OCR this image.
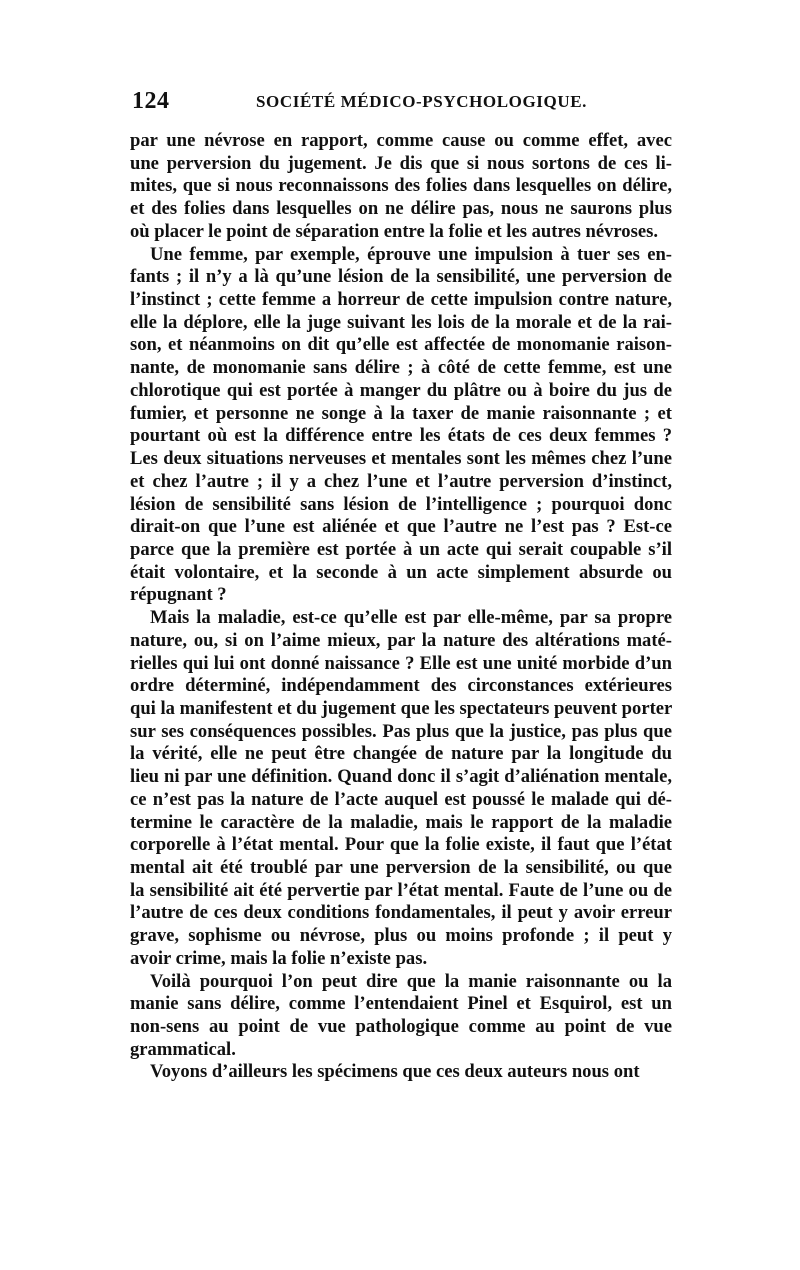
124	SOCIÉTÉ MÉDICO-PSYCHOLOGIQUE.

par une névrose en rapport, comme cause ou comme effet, avec
une perversion du jugement. Je dis que si nous sortons de ces li-
mites, que si nous reconnaissons des folies dans lesquelles on délire,
et des folies dans lesquelles on ne délire pas, nous ne saurons plus
où placer le point de séparation entre la folie et les autres névroses.

Une femme, par exemple, éprouve une impulsion à tuer ses en-
fants ; il n’y a là qu’une lésion de la sensibilité, une perversion de
l’instinct ; cette femme a horreur de cette impulsion contre nature,
elle la déplore, elle la juge suivant les lois de la morale et de la rai-
son, et néanmoins on dit qu’elle est affectée de monomanie raison-
nante, de monomanie sans délire ; à côté de cette femme, est une
chlorotique qui est portée à manger du plâtre ou à boire du jus de
fumier, et personne ne songe à la taxer de manie raisonnante ; et
pourtant où est la différence entre les états de ces deux femmes ?
Les deux situations nerveuses et mentales sont les mêmes chez l’une
et chez l’autre ; il y a chez l’une et l’autre perversion d’instinct,
lésion de sensibilité sans lésion de l’intelligence ; pourquoi donc
dirait-on que l’une est aliénée et que l’autre ne l’est pas ? Est-ce
parce que la première est portée à un acte qui serait coupable s’il
était volontaire, et la seconde à un acte simplement absurde ou
répugnant ?

Mais la maladie, est-ce qu’elle est par elle-même, par sa propre
nature, ou, si on l’aime mieux, par la nature des altérations maté-
rielles qui lui ont donné naissance ? Elle est une unité morbide d’un
ordre déterminé, indépendamment des circonstances extérieures
qui la manifestent et du jugement que les spectateurs peuvent porter
sur ses conséquences possibles. Pas plus que la justice, pas plus que
la vérité, elle ne peut être changée de nature par la longitude du
lieu ni par une définition. Quand donc il s’agit d’aliénation mentale,
ce n’est pas la nature de l’acte auquel est poussé le malade qui dé-
termine le caractère de la maladie, mais le rapport de la maladie
corporelle à l’état mental. Pour que la folie existe, il faut que l’état
mental ait été troublé par une perversion de la sensibilité, ou que
la sensibilité ait été pervertie par l’état mental. Faute de l’une ou de
l’autre de ces deux conditions fondamentales, il peut y avoir erreur
grave, sophisme ou névrose, plus ou moins profonde ; il peut y
avoir crime, mais la folie n’existe pas.

Voilà pourquoi l’on peut dire que la manie raisonnante ou la
manie sans délire, comme l’entendaient Pinel et Esquirol, est un
non-sens au point de vue pathologique comme au point de vue
grammatical.

Voyons d’ailleurs les spécimens que ces deux auteurs nous ont
